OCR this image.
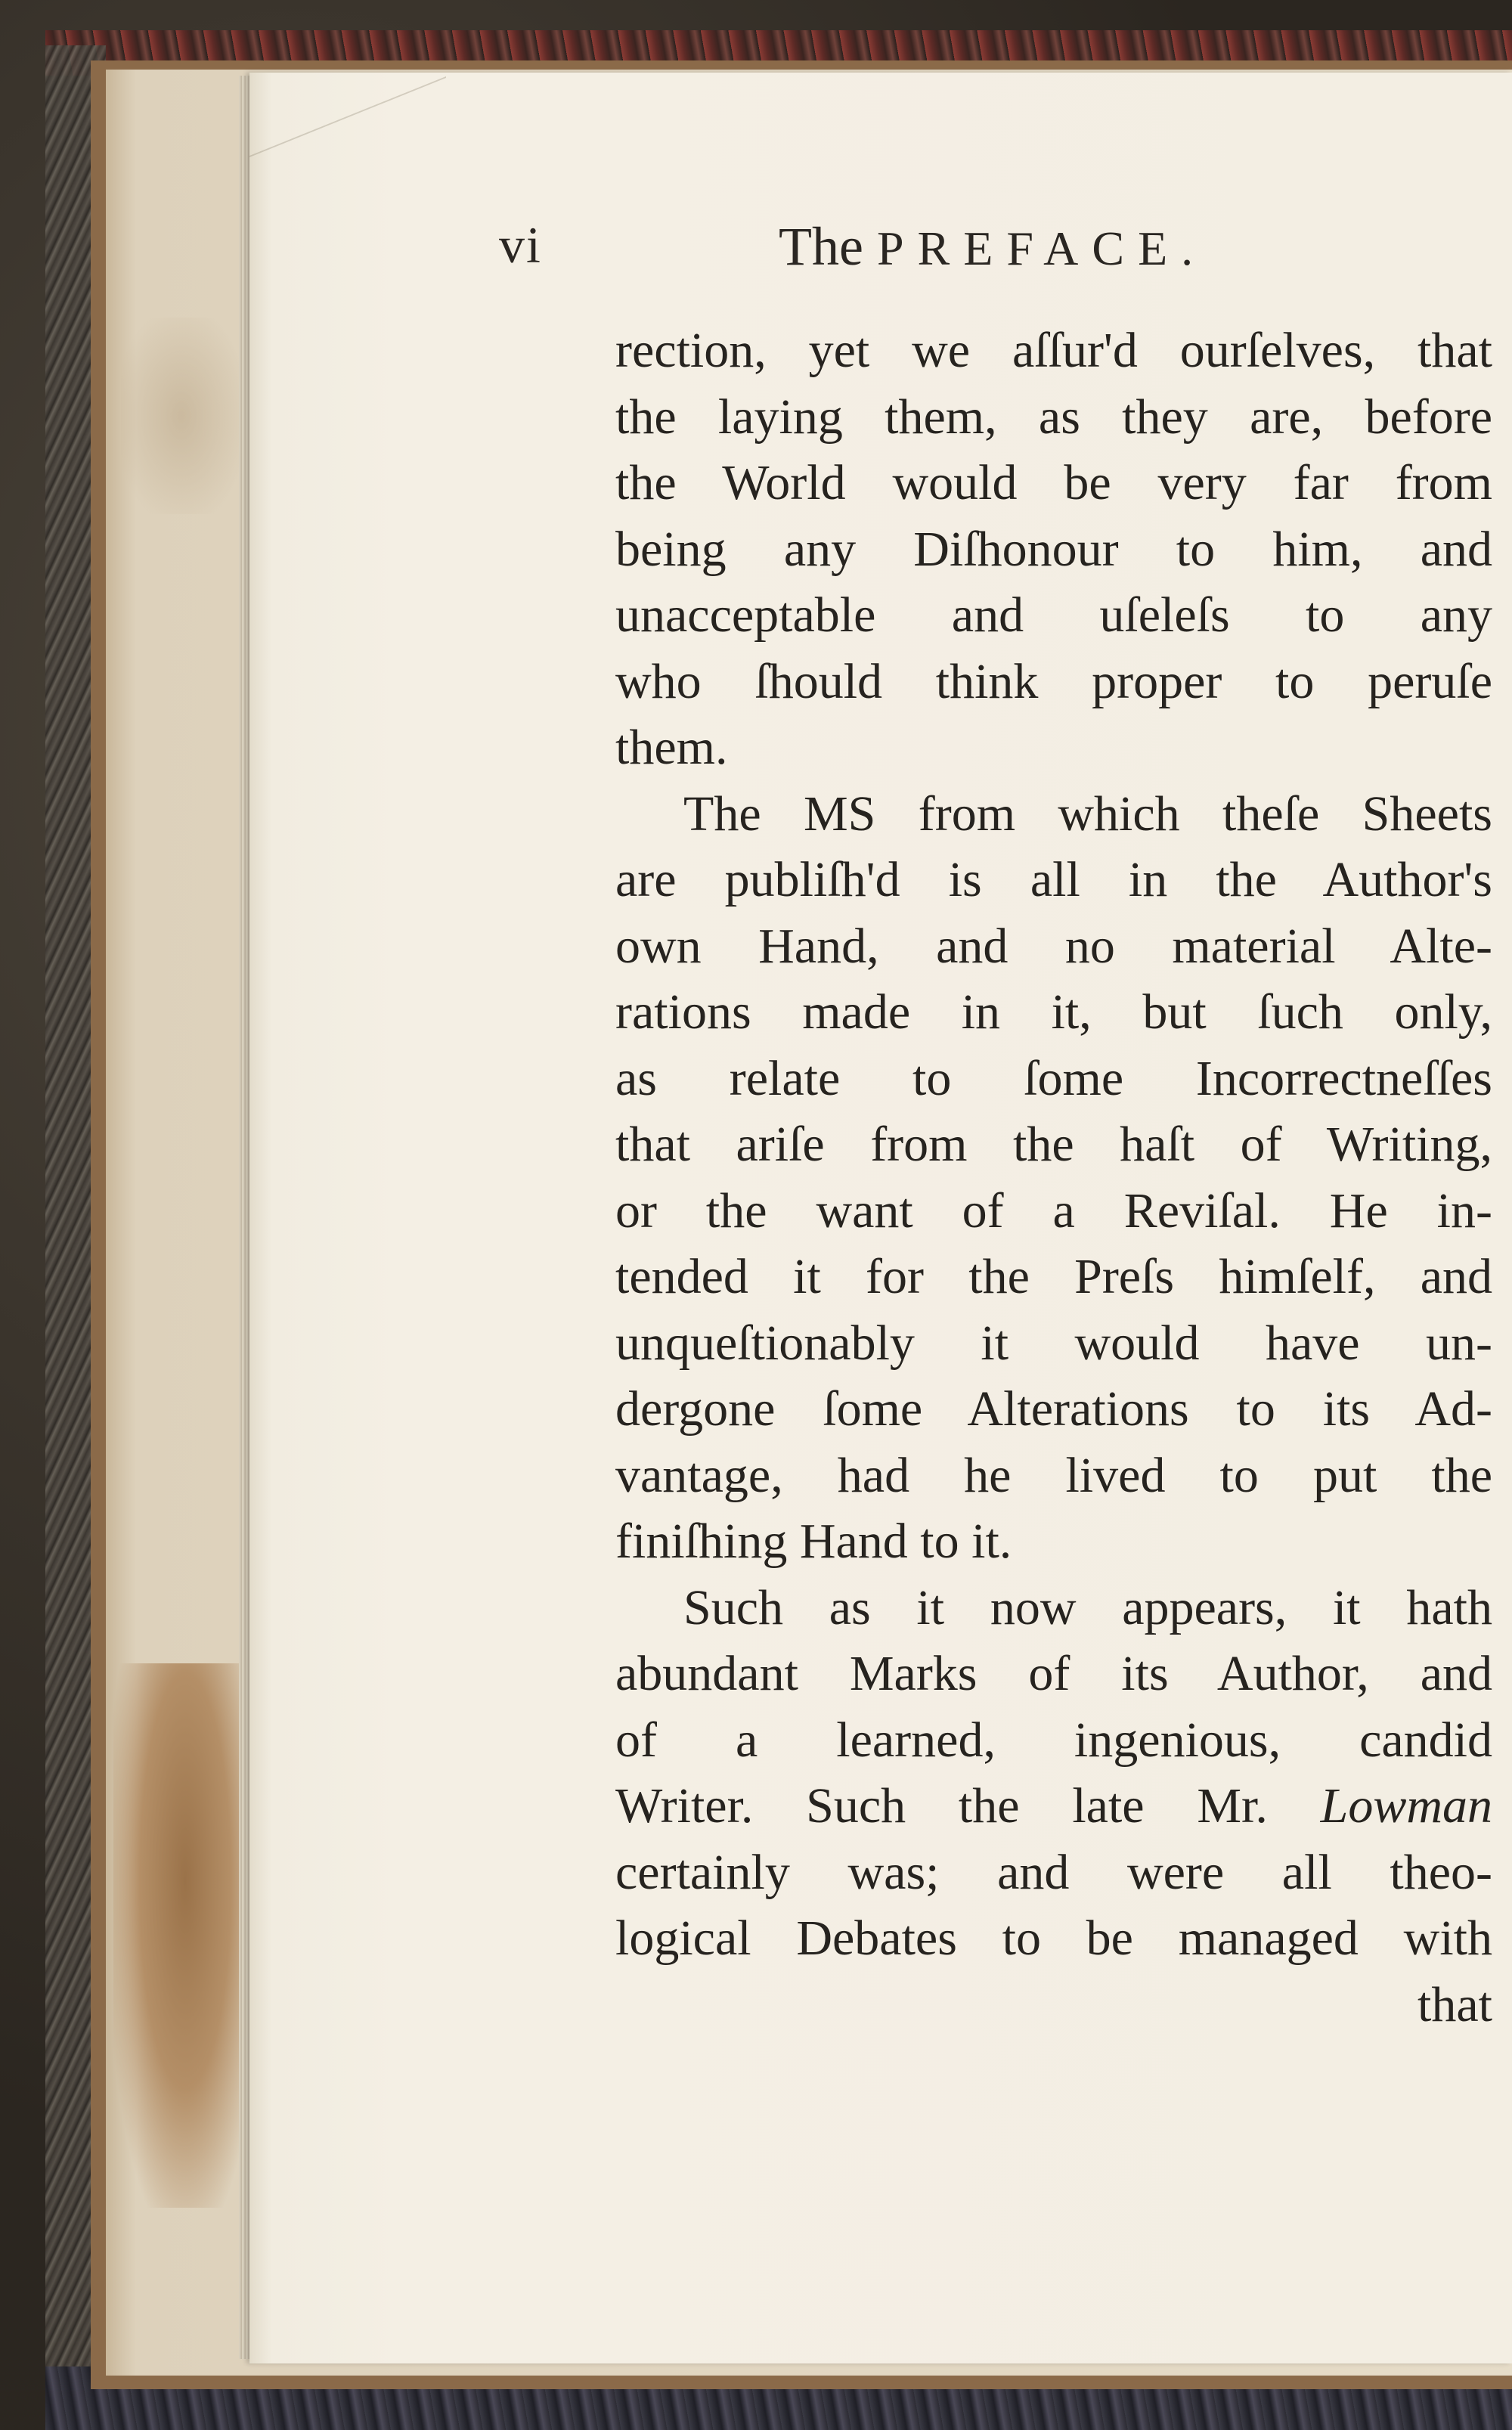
vi	The PREFACE.
rection, yet we aſſur'd ourſelves, that
the laying them, as they are, before
the World would be very far from
being any Diſhonour to him, and
unacceptable and uſeleſs to any
who ſhould think proper to peruſe
them.
The MS from which theſe Sheets
are publiſh'd is all in the Author's
own Hand, and no material Alte-
rations made in it, but ſuch only,
as relate to ſome Incorrectneſſes
that ariſe from the haſt of Writing,
or the want of a Reviſal. He in-
tended it for the Preſs himſelf, and
unqueſtionably it would have un-
dergone ſome Alterations to its Ad-
vantage, had he lived to put the
finiſhing Hand to it.
Such as it now appears, it hath
abundant Marks of its Author, and
of a learned, ingenious, candid
Writer. Such the late Mr. Lowman
certainly was; and were all theo-
logical Debates to be managed with
that
